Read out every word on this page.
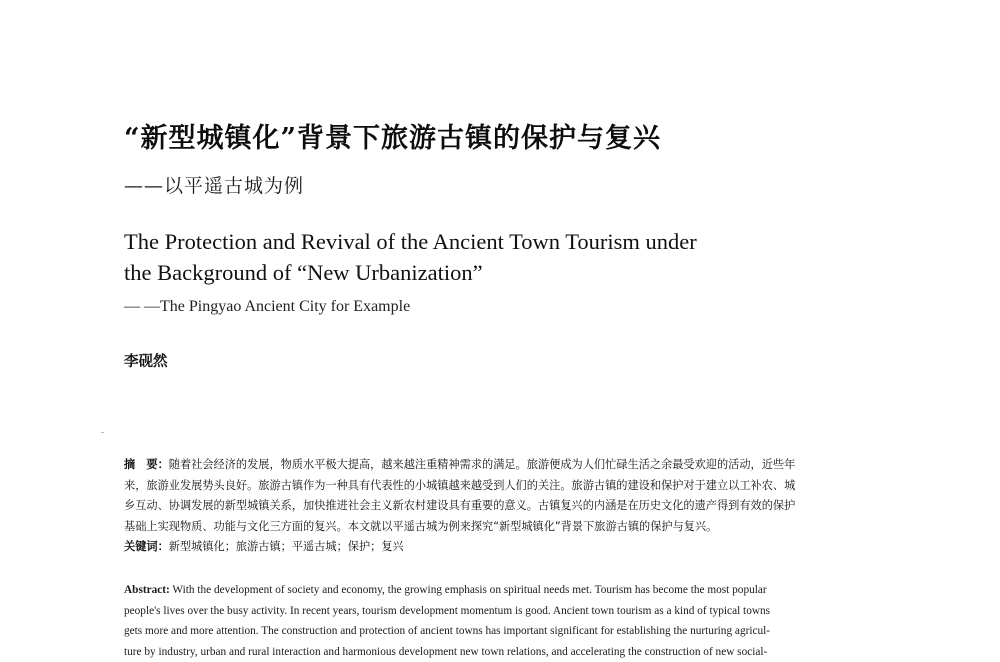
“新型城镇化”背景下旅游古镇的保护与复兴
——以平遥古城为例
The Protection and Revival of the Ancient Town Tourism under
the Background of “New Urbanization”
— —The Pingyao Ancient City for Example
李砚然
摘　要：随着社会经济的发展，物质水平极大提高，越来越注重精神需求的满足。旅游便成为人们忙碌生活之余最受欢迎的活动，近些年
来，旅游业发展势头良好。旅游古镇作为一种具有代表性的小城镇越来越受到人们的关注。旅游古镇的建设和保护对于建立以工补农、城
乡互动、协调发展的新型城镇关系，加快推进社会主义新农村建设具有重要的意义。古镇复兴的内涵是在历史文化的遗产得到有效的保护
基础上实现物质、功能与文化三方面的复兴。本文就以平遥古城为例来探究“新型城镇化”背景下旅游古镇的保护与复兴。
关键词：新型城镇化；旅游古镇；平遥古城；保护；复兴
Abstract: With the development of society and economy, the growing emphasis on spiritual needs met. Tourism has become the most popular
people's lives over the busy activity. In recent years, tourism development momentum is good. Ancient town tourism as a kind of typical towns
gets more and more attention. The construction and protection of ancient towns has important significant for establishing the nurturing agricul-
ture by industry, urban and rural interaction and harmonious development new town relations, and accelerating the construction of new social-
